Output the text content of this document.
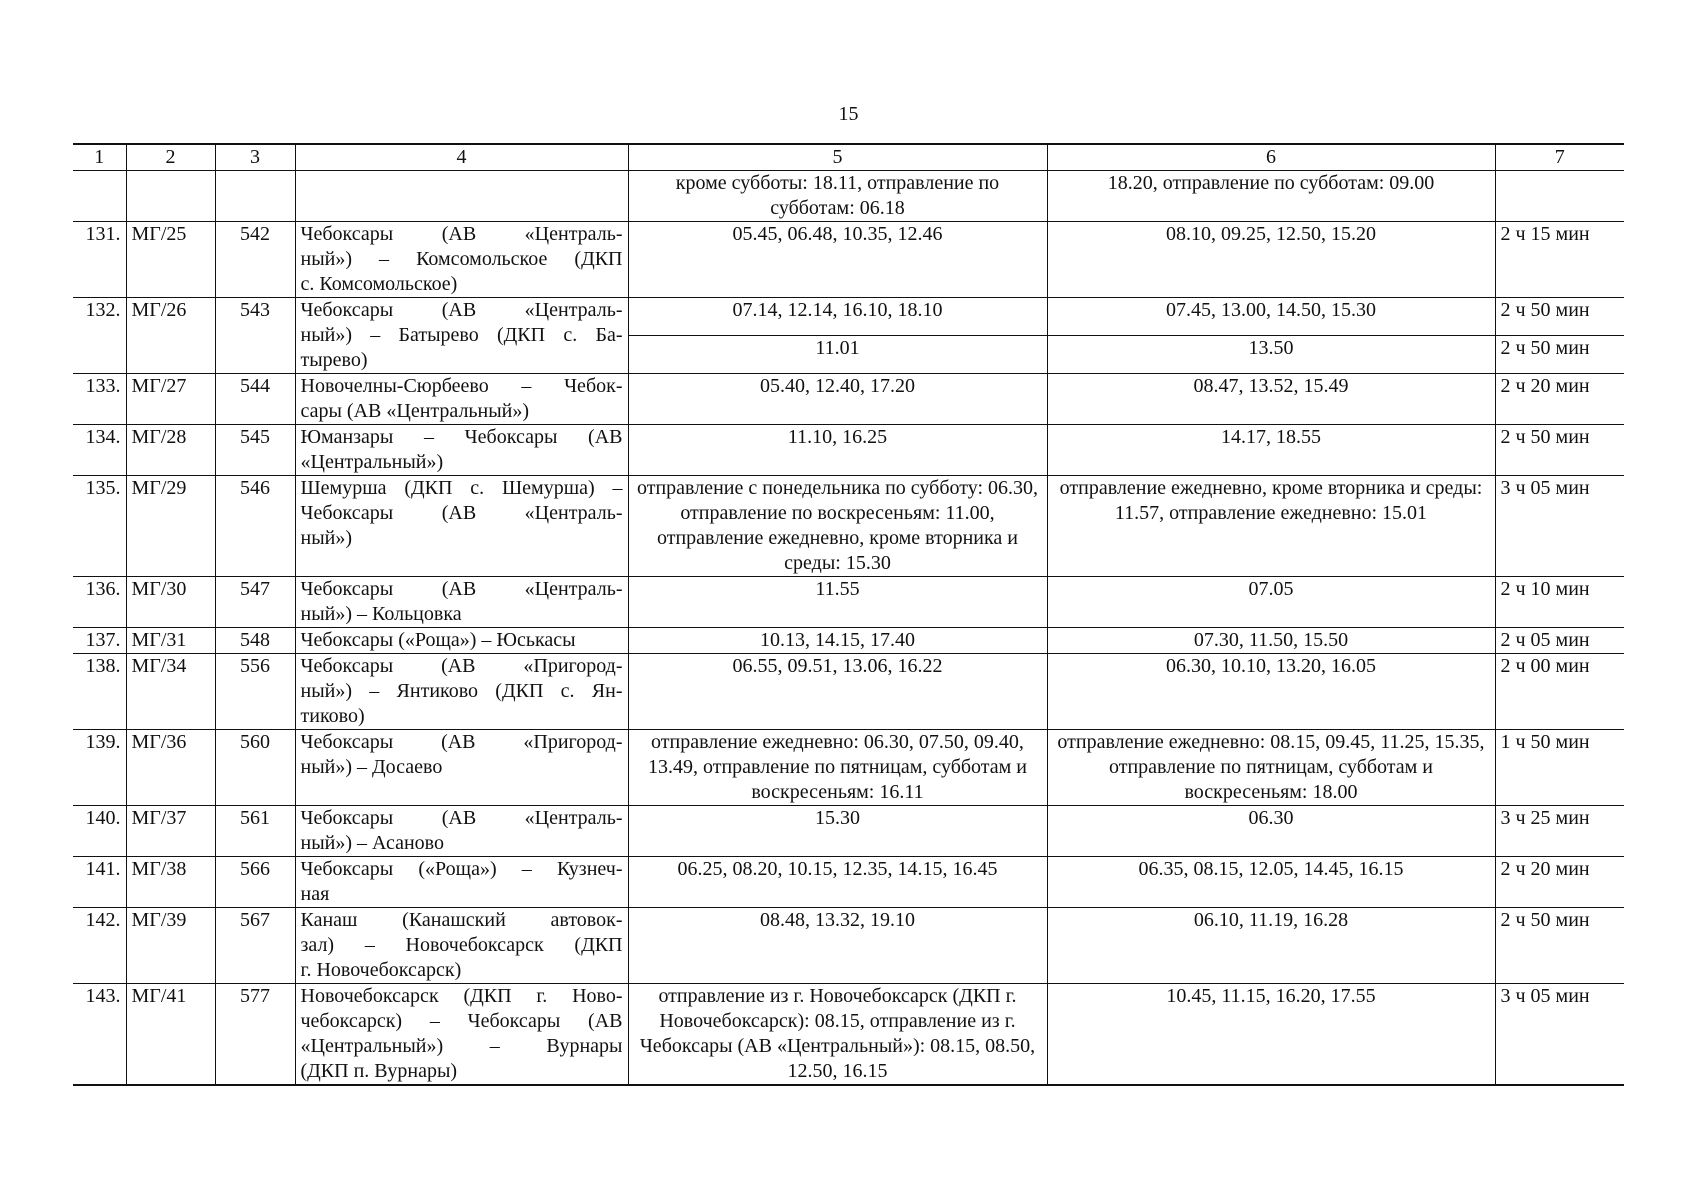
15
1	2	3	4	5	6	7
				кроме субботы: 18.11, отправление по субботам: 06.18	18.20, отправление по субботам: 09.00	
131.	МГ/25	542	Чебоксары (АВ «Централь-
ный») – Комсомольское (ДКП
с. Комсомольское)	05.45, 06.48, 10.35, 12.46	08.10, 09.25, 12.50, 15.20	2 ч 15 мин
132.	МГ/26	543	Чебоксары (АВ «Централь-
ный») – Батырево (ДКП с. Ба-
тырево)	07.14, 12.14, 16.10, 18.10	07.45, 13.00, 14.50, 15.30	2 ч 50 мин
				11.01	13.50	2 ч 50 мин
133.	МГ/27	544	Новочелны-Сюрбеево – Чебок-
сары (АВ «Центральный»)	05.40, 12.40, 17.20	08.47, 13.52, 15.49	2 ч 20 мин
134.	МГ/28	545	Юманзары – Чебоксары (АВ
«Центральный»)	11.10, 16.25	14.17, 18.55	2 ч 50 мин
135.	МГ/29	546	Шемурша (ДКП с. Шемурша) –
Чебоксары (АВ «Централь-
ный»)	отправление с понедельника по субботу: 06.30, отправление по воскресеньям: 11.00, отправление ежедневно, кроме вторника и среды: 15.30	отправление ежедневно, кроме вторника и среды: 11.57, отправление ежедневно: 15.01	3 ч 05 мин
136.	МГ/30	547	Чебоксары (АВ «Централь-
ный») – Кольцовка	11.55	07.05	2 ч 10 мин
137.	МГ/31	548	Чебоксары («Роща») – Юськасы	10.13, 14.15, 17.40	07.30, 11.50, 15.50	2 ч 05 мин
138.	МГ/34	556	Чебоксары (АВ «Пригород-
ный») – Янтиково (ДКП с. Ян-
тиково)	06.55, 09.51, 13.06, 16.22	06.30, 10.10, 13.20, 16.05	2 ч 00 мин
139.	МГ/36	560	Чебоксары (АВ «Пригород-
ный») – Досаево	отправление ежедневно: 06.30, 07.50, 09.40, 13.49, отправление по пятницам, субботам и воскресеньям: 16.11	отправление ежедневно: 08.15, 09.45, 11.25, 15.35, отправление по пятницам, субботам и воскресеньям: 18.00	1 ч 50 мин
140.	МГ/37	561	Чебоксары (АВ «Централь-
ный») – Асаново	15.30	06.30	3 ч 25 мин
141.	МГ/38	566	Чебоксары («Роща») – Кузнеч-
ная	06.25, 08.20, 10.15, 12.35, 14.15, 16.45	06.35, 08.15, 12.05, 14.45, 16.15	2 ч 20 мин
142.	МГ/39	567	Канаш (Канашский автовок-
зал) – Новочебоксарск (ДКП
г. Новочебоксарск)	08.48, 13.32, 19.10	06.10, 11.19, 16.28	2 ч 50 мин
143.	МГ/41	577	Новочебоксарск (ДКП г. Ново-
чебоксарск) – Чебоксары (АВ
«Центральный») – Вурнары
(ДКП п. Вурнары)	отправление из г. Новочебоксарск (ДКП г. Новочебоксарск): 08.15, отправление из г. Чебоксары (АВ «Центральный»): 08.15, 08.50, 12.50, 16.15	10.45, 11.15, 16.20, 17.55	3 ч 05 мин
